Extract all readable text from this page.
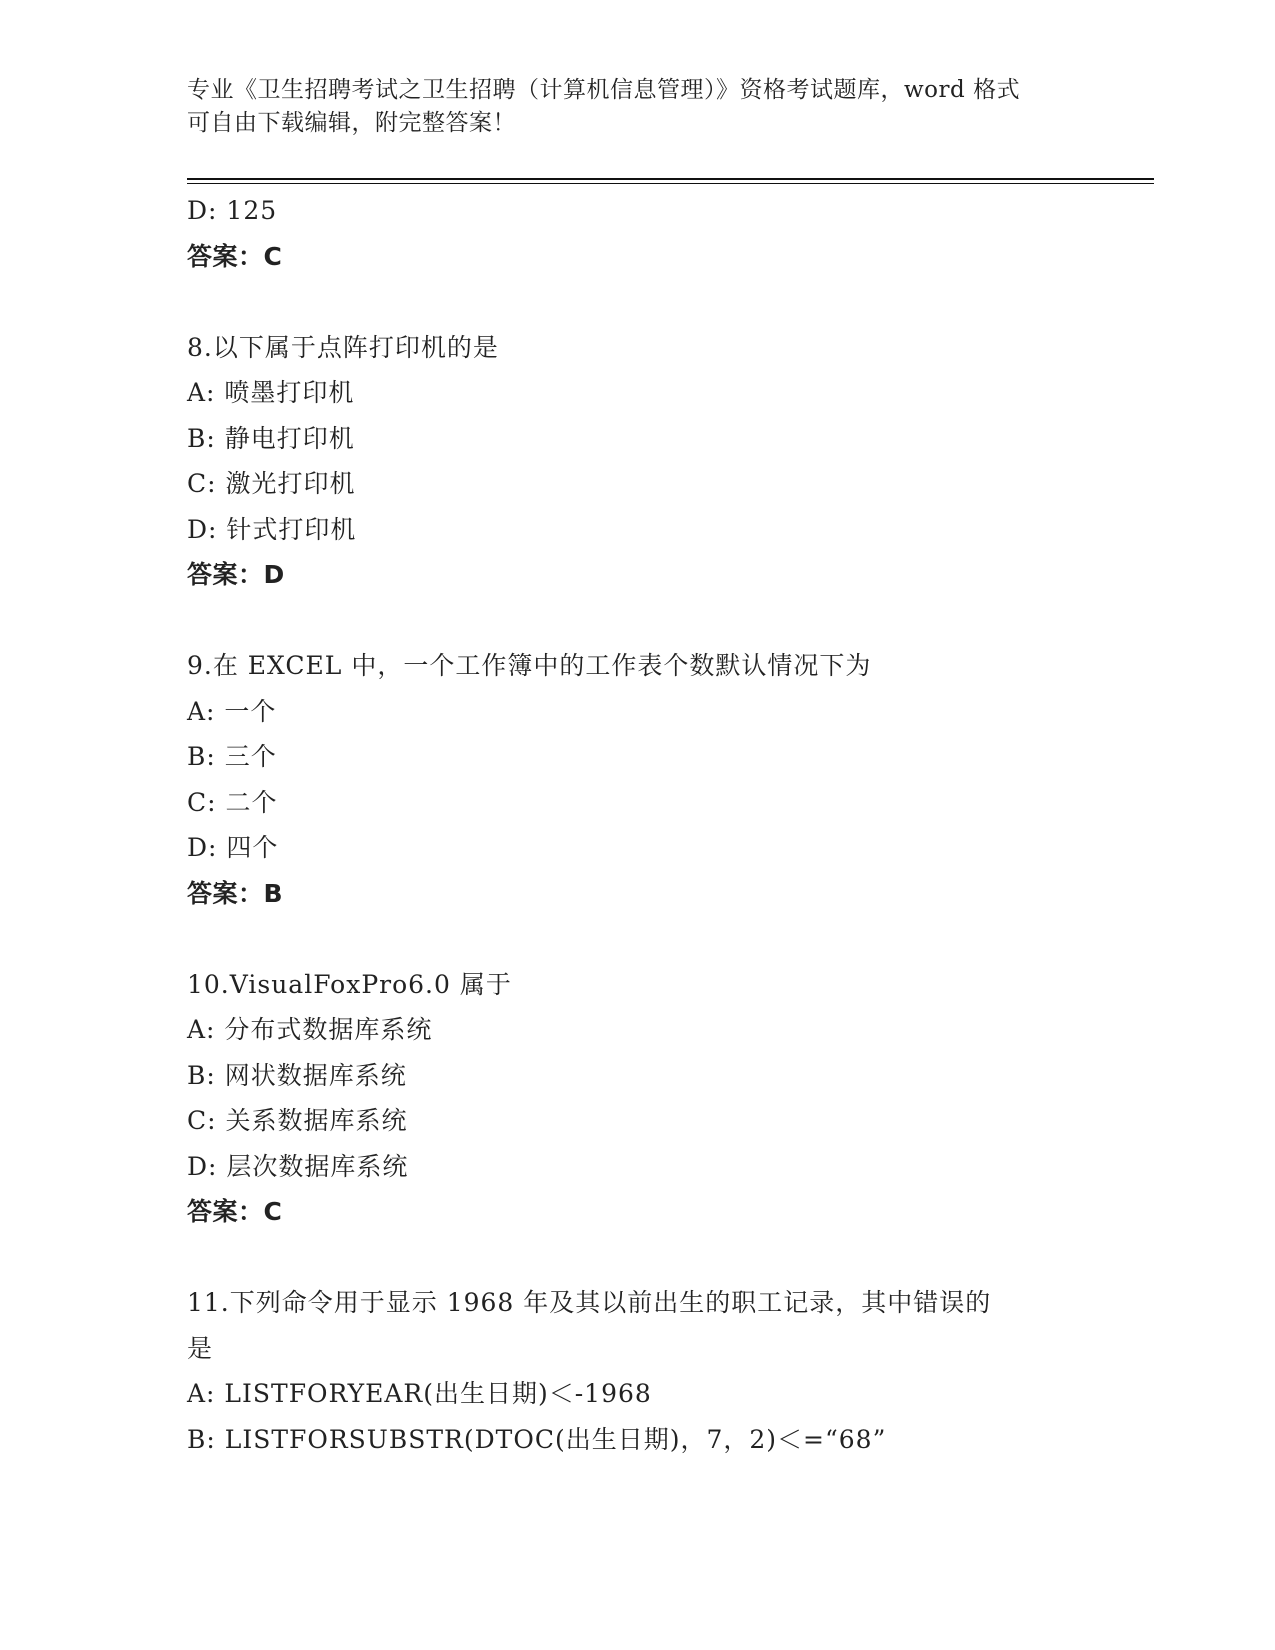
专业《卫生招聘考试之卫生招聘（计算机信息管理）》资格考试题库，word 格式
可自由下载编辑，附完整答案！
D: 125
答案：C
8.以下属于点阵打印机的是
A: 喷墨打印机
B: 静电打印机
C: 激光打印机
D: 针式打印机
答案：D
9.在 EXCEL 中，一个工作簿中的工作表个数默认情况下为
A: 一个
B: 三个
C: 二个
D: 四个
答案：B
10.VisualFoxPro6.0 属于
A: 分布式数据库系统
B: 网状数据库系统
C: 关系数据库系统
D: 层次数据库系统
答案：C
11.下列命令用于显示 1968 年及其以前出生的职工记录，其中错误的
是
A: LISTFORYEAR(出生日期)＜-1968
B: LISTFORSUBSTR(DTOC(出生日期)，7，2)＜=“68”
